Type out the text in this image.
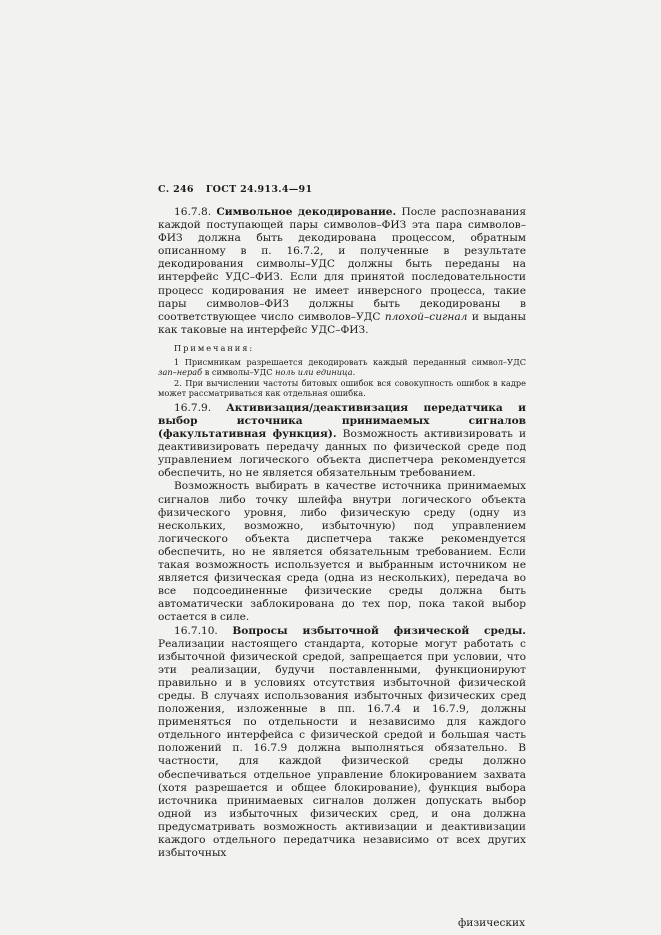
С. 246 ГОСТ 24.913.4—91

16.7.8. Символьное декодирование. После распознавания каждой поступающей пары символов–ФИЗ эта пара символов–ФИЗ должна быть декодирована процессом, обратным описанному в п. 16.7.2, и полученные в результате декодирования символы–УДС должны быть переданы на интерфейс УДС–ФИЗ. Если для принятой последовательности процесс кодирования не имеет инверсного процесса, такие пары символов–ФИЗ должны быть декодированы в соответствующее число символов–УДС плохой–сигнал и выданы как таковые на интерфейс УДС–ФИЗ.

Примечания:

1 Присмникам разрешается декодировать каждый переданный символ–УДС зап–нераб в символы–УДС ноль или единица.

2. При вычислении частоты битовых ошибок вся совокупность ошибок в кадре может рассматриваться как отдельная ошибка.

16.7.9. Активизация/деактивизация передатчика и выбор источника принимаемых сигналов (факультативная функция). Возможность активизировать и деактивизировать передачу данных по физической среде под управлением логического объекта диспетчера рекомендуется обеспечить, но не является обязательным требованием.

Возможность выбирать в качестве источника принимаемых сигналов либо точку шлейфа внутри логического объекта физического уровня, либо физическую среду (одну из нескольких, возможно, избыточную) под управлением логического объекта диспетчера также рекомендуется обеспечить, но не является обязательным требованием. Если такая возможность используется и выбранным источником не является физическая среда (одна из нескольких), передача во все подсоединенные физические среды должна быть автоматически заблокирована до тех пор, пока такой выбор остается в силе.

16.7.10. Вопросы избыточной физической среды. Реализации настоящего стандарта, которые могут работать с избыточной физической средой, запрещается при условии, что эти реализации, будучи поставленными, функционируют правильно и в условиях отсутствия избыточной физической среды. В случаях использования избыточных физических сред положения, изложенные в пп. 16.7.4 и 16.7.9, должны применяться по отдельности и независимо для каждого отдельного интерфейса с физической средой и большая часть положений п. 16.7.9 должна выполняться обязательно. В частности, для каждой физической среды должно обеспечиваться отдельное управление блокированием захвата (хотя разрешается и общее блокирование), функция выбора источника принимаевых сигналов должен допускать выбор одной из избыточных физических сред, и она должна предусматривать возможность активизации и деактивизации каждого отдельного передатчика независимо от всех других избыточных

физических
